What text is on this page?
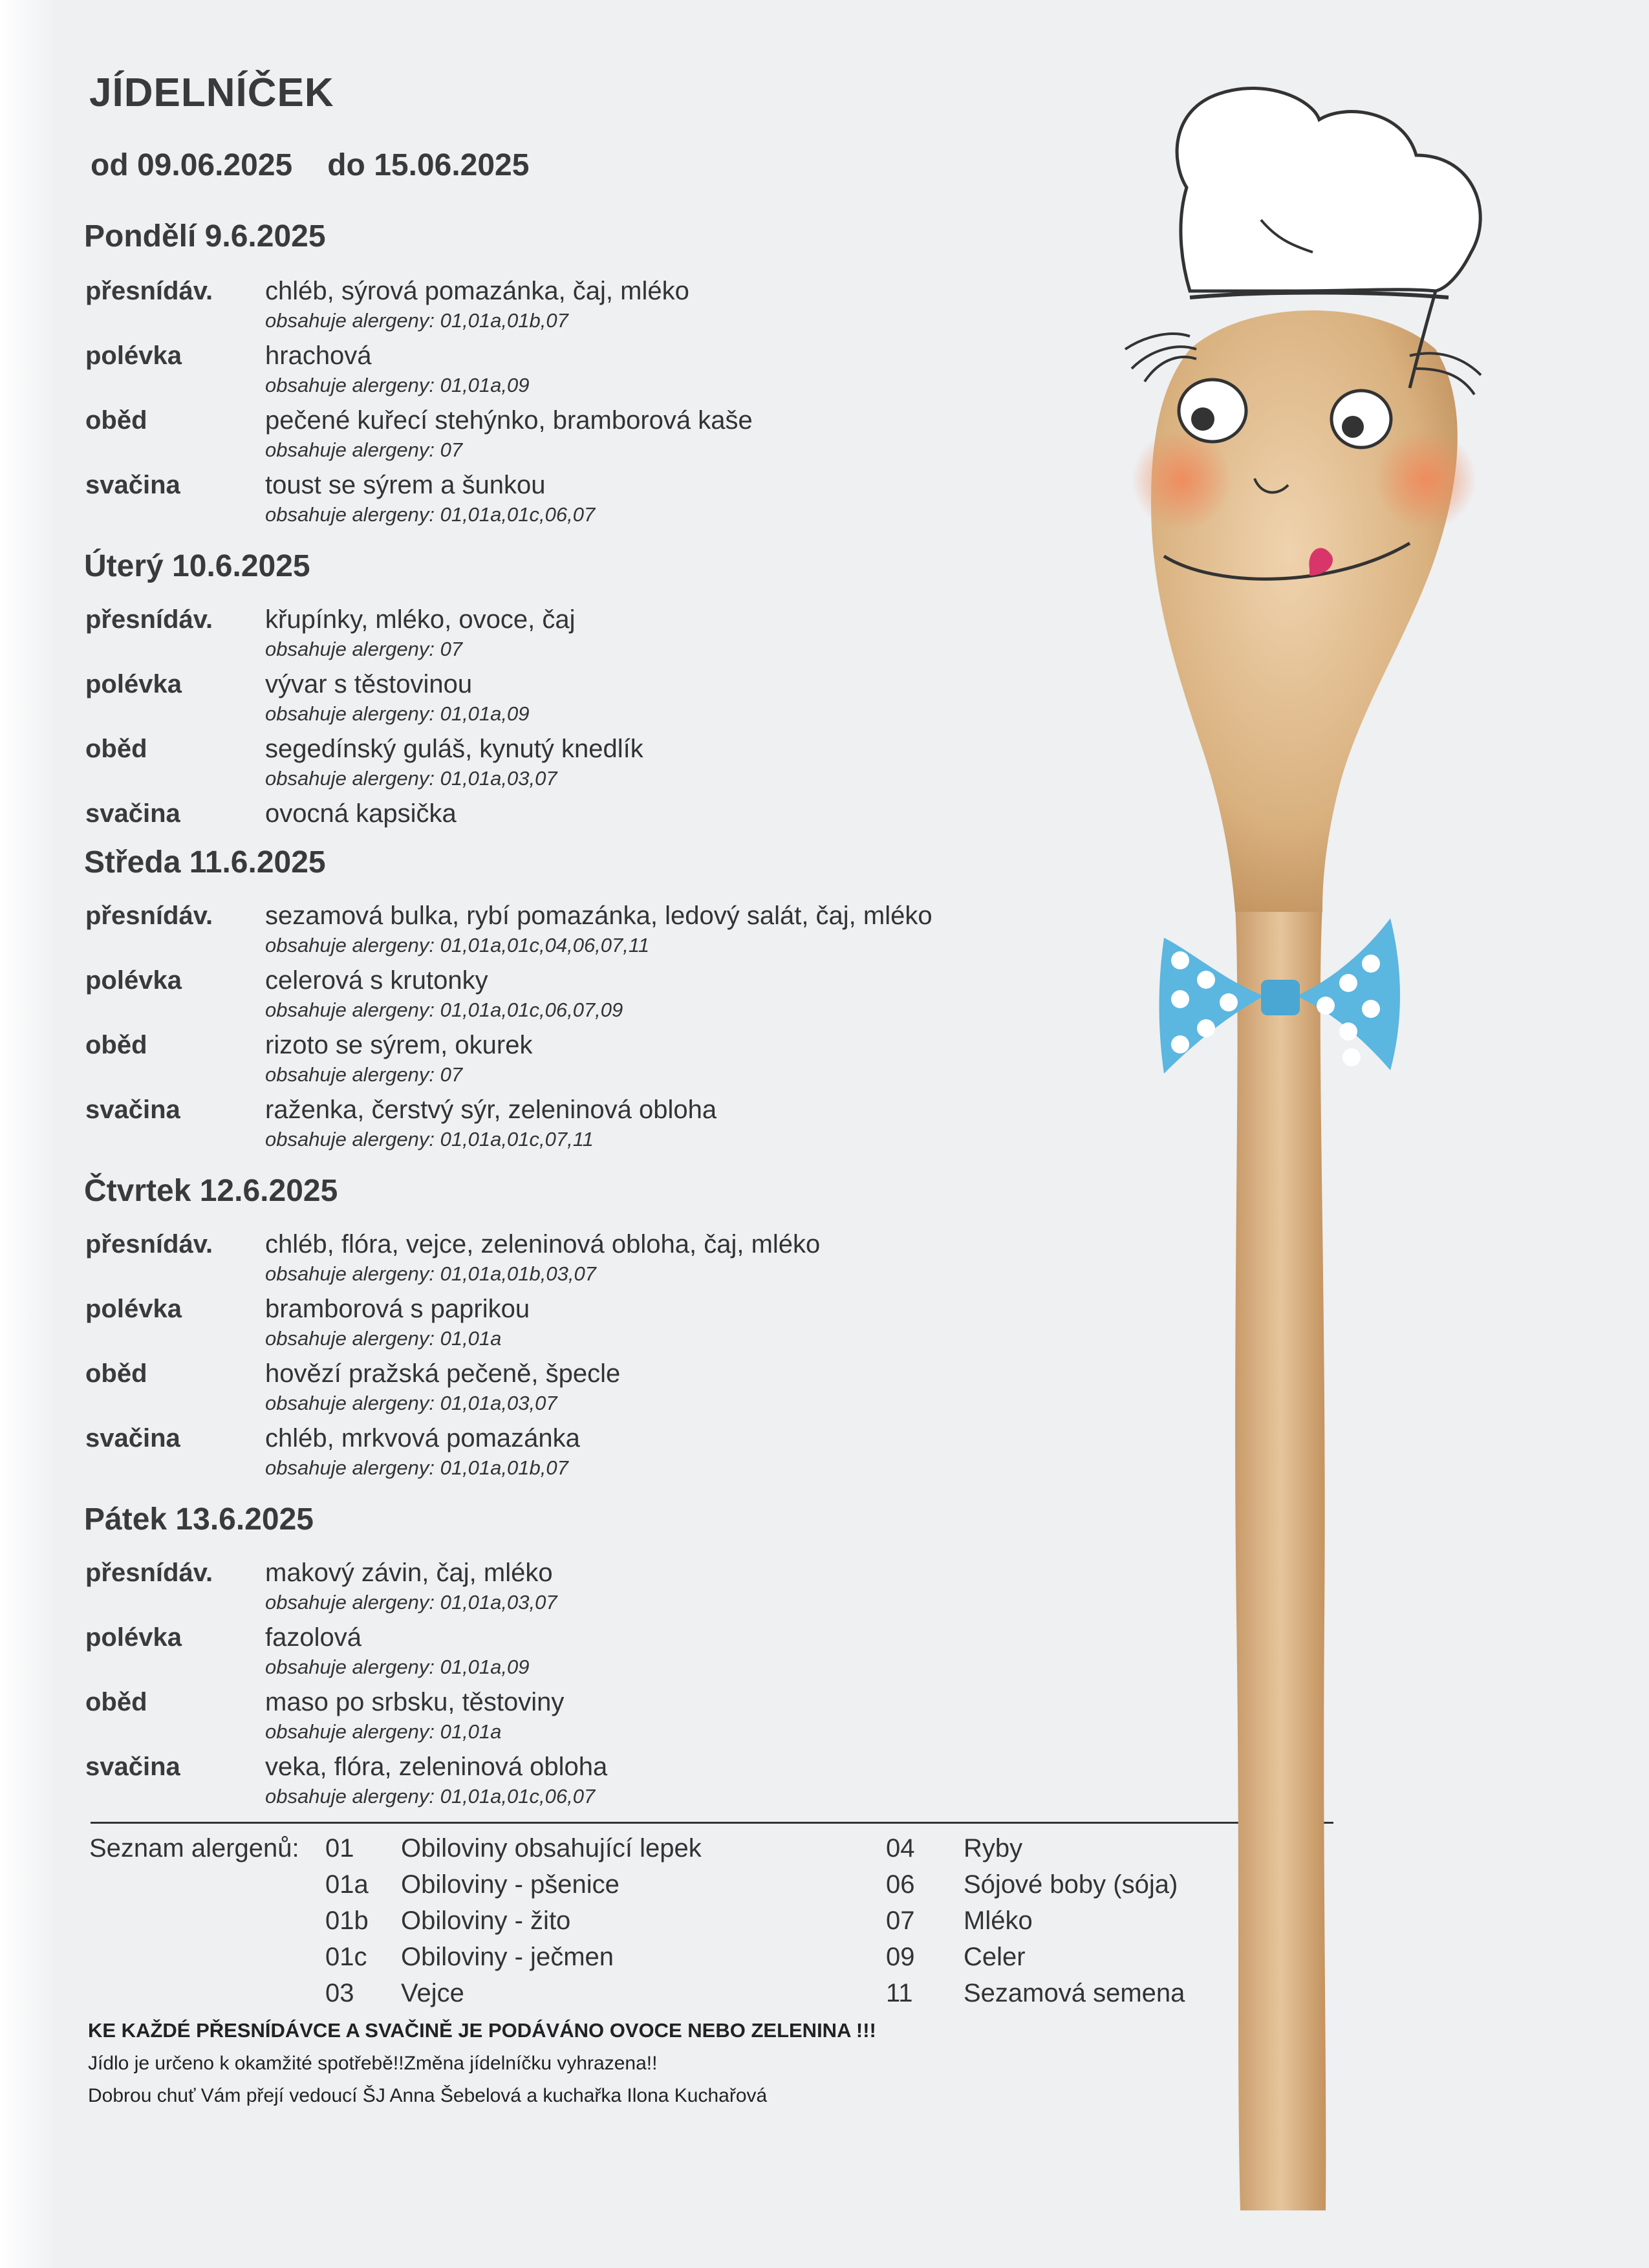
JÍDELNÍČEK
od 09.06.2025 do 15.06.2025
Pondělí 9.6.2025
přesnídáv. chléb, sýrová pomazánka, čaj, mléko
obsahuje alergeny: 01,01a,01b,07
polévka	hrachová
obsahuje alergeny: 01,01a,09
oběd	pečené kuřecí stehýnko, bramborová kaše
obsahuje alergeny: 07
svačina	toust se sýrem a šunkou
obsahuje alergeny: 01,01a,01c,06,07
Úterý 10.6.2025
přesnídáv. křupínky, mléko, ovoce, čaj
obsahuje alergeny: 07
polévka	vývar s těstovinou
obsahuje alergeny: 01,01a,09
oběd	segedínský guláš, kynutý knedlík
obsahuje alergeny: 01,01a,03,07
svačina	ovocná kapsička
Středa 11.6.2025
přesnídáv. sezamová bulka, rybí pomazánka, ledový salát, čaj, mléko
obsahuje alergeny: 01,01a,01c,04,06,07,11
polévka	celerová s krutonky
obsahuje alergeny: 01,01a,01c,06,07,09
oběd	rizoto se sýrem, okurek
obsahuje alergeny: 07
svačina	raženka, čerstvý sýr, zeleninová obloha
obsahuje alergeny: 01,01a,01c,07,11
Čtvrtek 12.6.2025
přesnídáv. chléb, flóra, vejce, zeleninová obloha, čaj, mléko
obsahuje alergeny: 01,01a,01b,03,07
polévka	bramborová s paprikou
obsahuje alergeny: 01,01a
oběd	hovězí pražská pečeně, špecle
obsahuje alergeny: 01,01a,03,07
svačina	chléb, mrkvová pomazánka
obsahuje alergeny: 01,01a,01b,07
Pátek 13.6.2025
přesnídáv. makový závin, čaj, mléko
obsahuje alergeny: 01,01a,03,07
polévka	fazolová
obsahuje alergeny: 01,01a,09
oběd	maso po srbsku, těstoviny
obsahuje alergeny: 01,01a
svačina	veka, flóra, zeleninová obloha
obsahuje alergeny: 01,01a,01c,06,07
Seznam alergenů: 01 Obiloviny obsahující lepek
01a Obiloviny - pšenice
01b Obiloviny - žito
01c Obiloviny - ječmen
03 Vejce
04 Ryby
06 Sójové boby (sója)
07 Mléko
09 Celer
11 Sezamová semena
KE KAŽDÉ PŘESNÍDÁVCE A SVAČINĚ JE PODÁVÁNO OVOCE NEBO ZELENINA !!!
Jídlo je určeno k okamžité spotřebě!!Změna jídelníčku vyhrazena!!
Dobrou chuť Vám přejí vedoucí ŠJ Anna Šebelová a kuchařka Ilona Kuchařová
